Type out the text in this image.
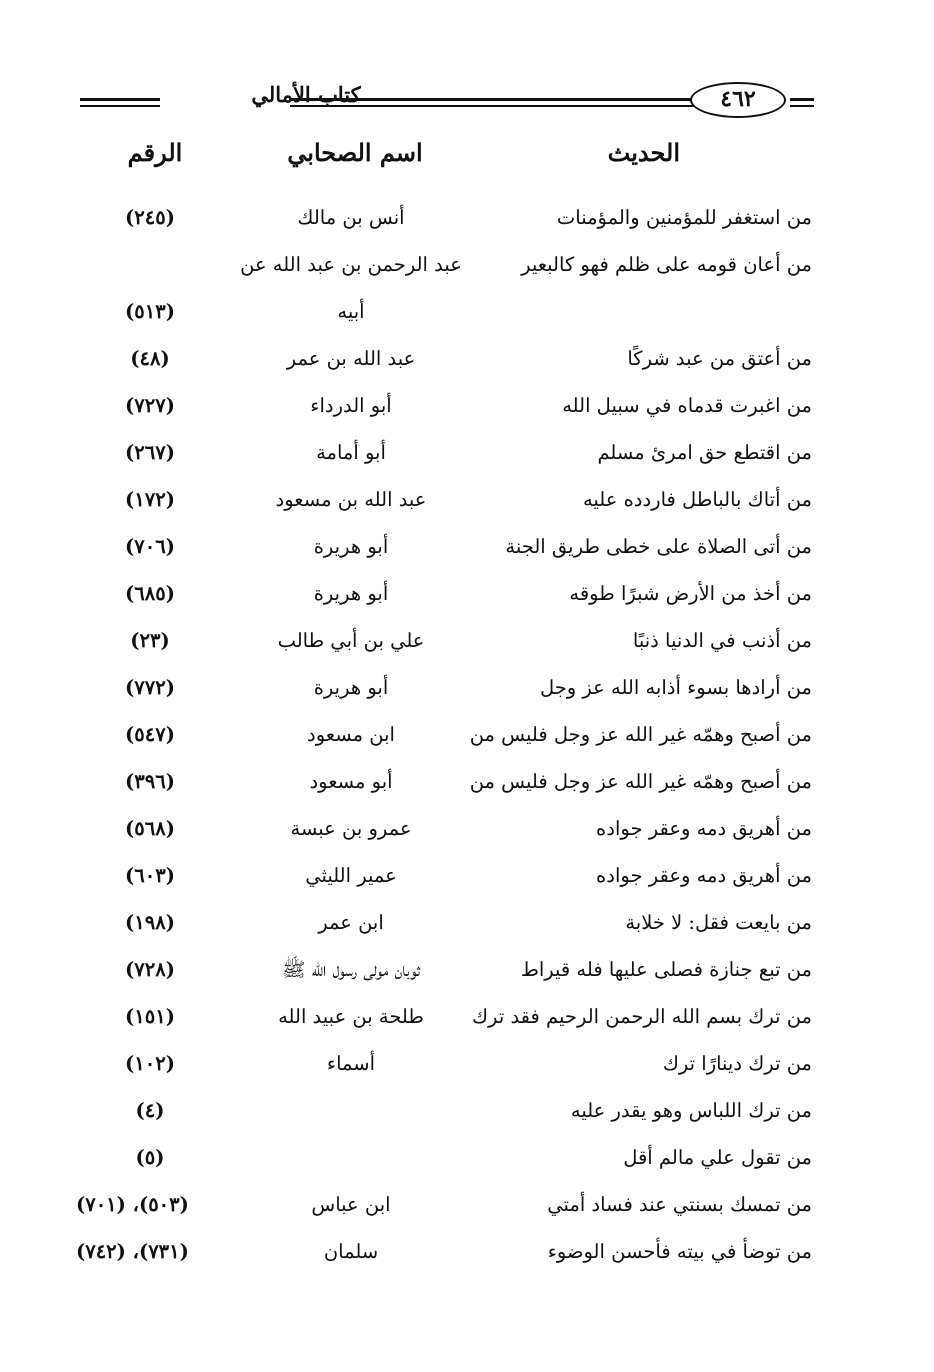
كتاب الأمالي	٤٦٢
الحديث
اسم الصحابي
الرقم
من استغفر للمؤمنين والمؤمنات
أنس بن مالك
(٢٤٥)
من أعان قومه على ظلم فهو كالبعير
عبد الرحمن بن عبد الله عن
أبيه
(٥١٣)
من أعتق من عبد شركًا
عبد الله بن عمر
(٤٨)
من اغبرت قدماه في سبيل الله
أبو الدرداء
(٧٢٧)
من اقتطع حق امرئ مسلم
أبو أمامة
(٢٦٧)
من أتاك بالباطل فاردده عليه
عبد الله بن مسعود
(١٧٢)
من أتى الصلاة على خطى طريق الجنة
أبو هريرة
(٧٠٦)
من أخذ من الأرض شبرًا طوقه
أبو هريرة
(٦٨٥)
من أذنب في الدنيا ذنبًا
علي بن أبي طالب
(٢٣)
من أرادها بسوء أذابه الله عز وجل
أبو هريرة
(٧٧٢)
من أصبح وهمّه غير الله عز وجل فليس من
ابن مسعود
(٥٤٧)
من أصبح وهمّه غير الله عز وجل فليس من
أبو مسعود
(٣٩٦)
من أهريق دمه وعقر جواده
عمرو بن عبسة
(٥٦٨)
من أهريق دمه وعقر جواده
عمير الليثي
(٦٠٣)
من بايعت فقل: لا خلابة
ابن عمر
(١٩٨)
من تبع جنازة فصلى عليها فله قيراط
ثوبان مولى رسول الله ﷺ
(٧٢٨)
من ترك بسم الله الرحمن الرحيم فقد ترك
طلحة بن عبيد الله
(١٥١)
من ترك دينارًا ترك
أسماء
(١٠٢)
من ترك اللباس وهو يقدر عليه
(٤)
من تقول علي مالم أقل
(٥)
من تمسك بسنتي عند فساد أمتي
ابن عباس
(٥٠٣)، (٧٠١)
من توضأ في بيته فأحسن الوضوء
سلمان
(٧٣١)، (٧٤٢)
